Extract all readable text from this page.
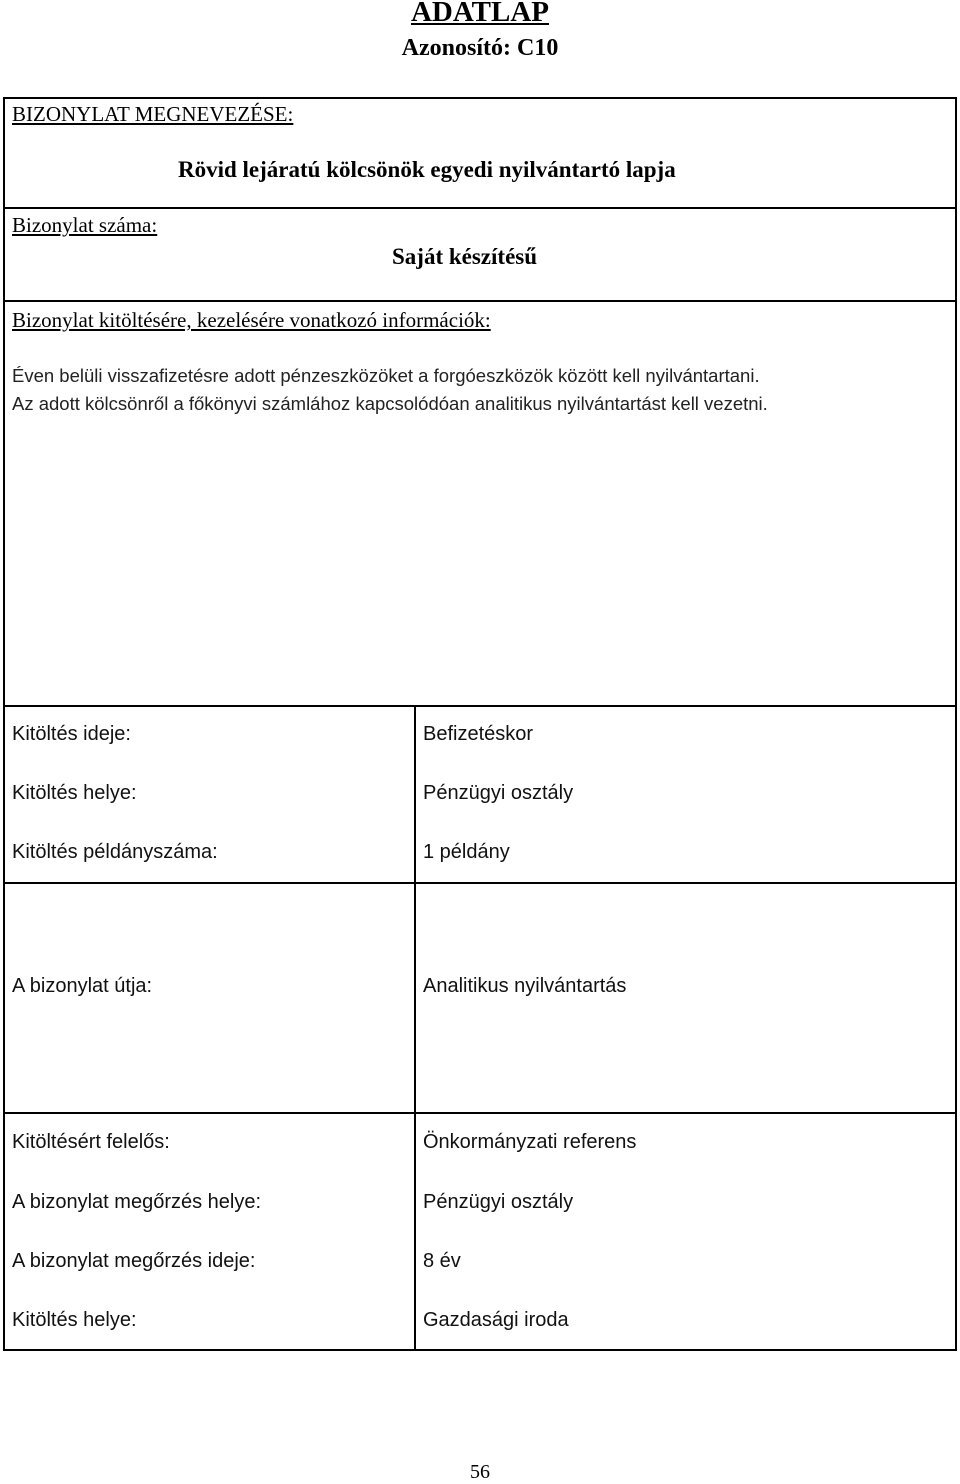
ADATLAP
Azonosító: C10
BIZONYLAT MEGNEVEZÉSE:
Rövid lejáratú kölcsönök egyedi nyilvántartó lapja
Bizonylat száma:
Saját készítésű
Bizonylat kitöltésére, kezelésére vonatkozó információk:
Éven belüli visszafizetésre adott pénzeszközöket a forgóeszközök között kell nyilvántartani.
Az adott kölcsönről a főkönyvi számlához kapcsolódóan analitikus nyilvántartást kell vezetni.
Kitöltés ideje:	Befizetéskor
Kitöltés helye:	Pénzügyi osztály
Kitöltés példányszáma:	1 példány
A bizonylat útja:	Analitikus nyilvántartás
Kitöltésért felelős:	Önkormányzati referens
A bizonylat megőrzés helye:	Pénzügyi osztály
A bizonylat megőrzés ideje:	8 év
Kitöltés helye:	Gazdasági iroda
56
